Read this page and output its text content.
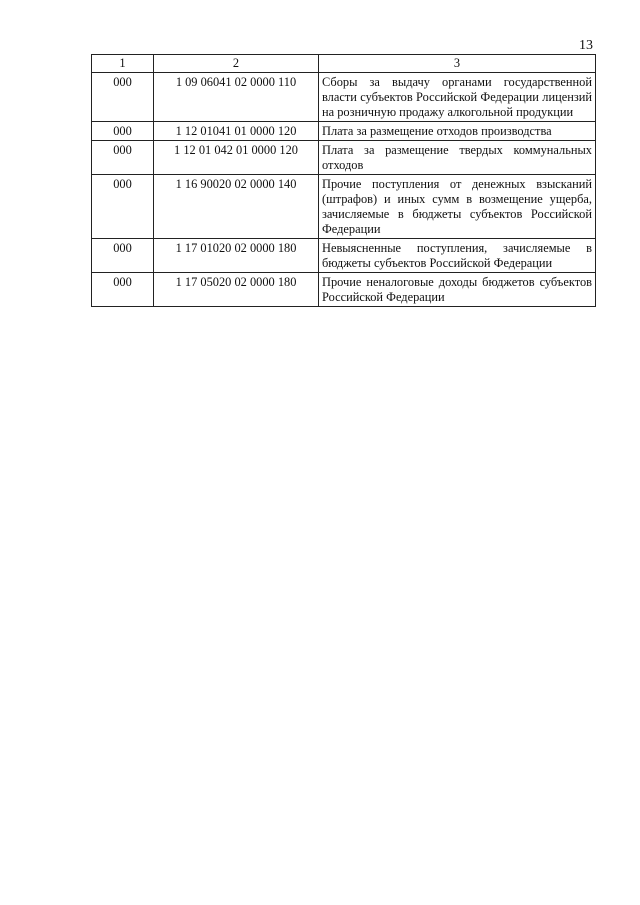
13
1	2	3
000	1 09 06041 02 0000 110	Сборы за выдачу органами государственной власти субъектов Российской Федерации лицензий на розничную продажу алкогольной продукции
000	1 12 01041 01 0000 120	Плата за размещение отходов производства
000	1 12 01 042 01 0000 120	Плата за размещение твердых коммунальных отходов
000	1 16 90020 02 0000 140	Прочие поступления от денежных взысканий (штрафов) и иных сумм в возмещение ущерба, зачисляемые в бюджеты субъектов Российской Федерации
000	1 17 01020 02 0000 180	Невыясненные поступления, зачисляемые в бюджеты субъектов Российской Федерации
000	1 17 05020 02 0000 180	Прочие неналоговые доходы бюджетов субъектов Российской Федерации
